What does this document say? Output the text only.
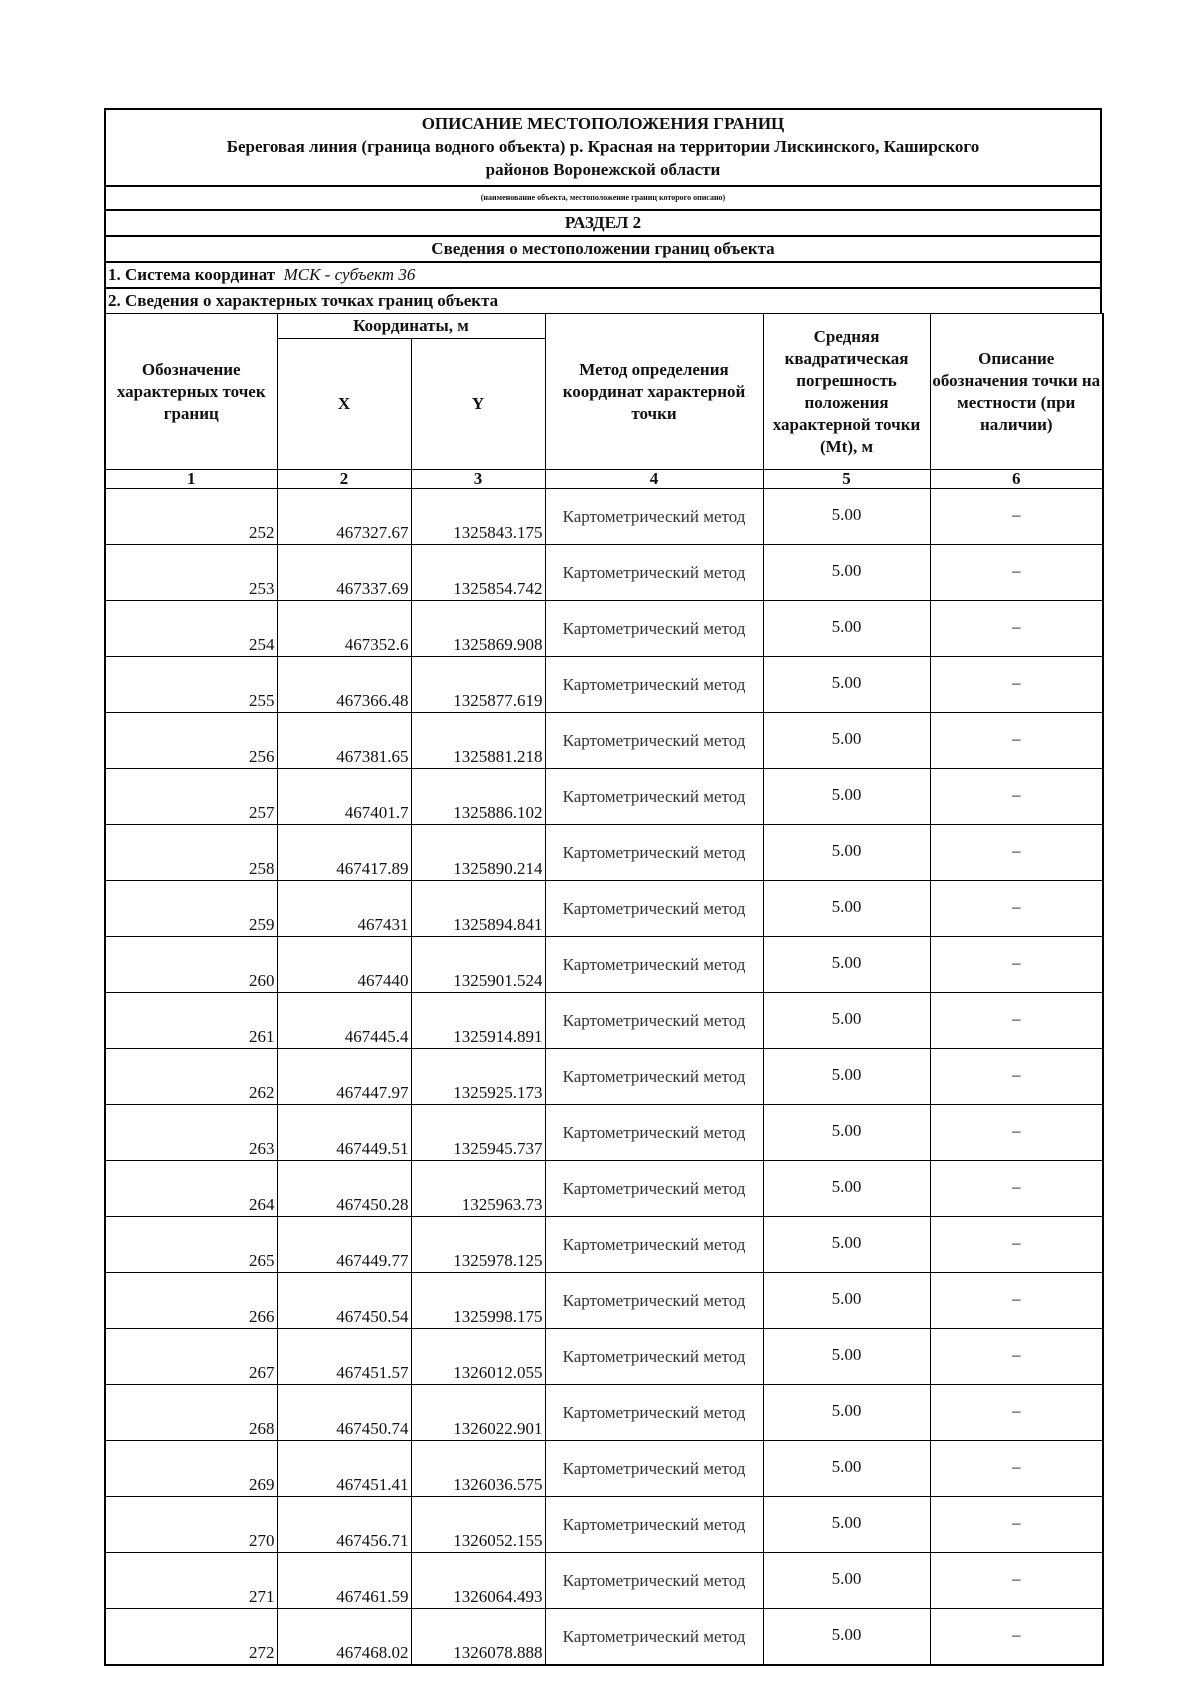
ОПИСАНИЕ МЕСТОПОЛОЖЕНИЯ ГРАНИЦ
Береговая линия (граница водного объекта) р. Красная на территории Лискинского, Каширского
районов Воронежской области
(наименование объекта, местоположение границ которого описано)
РАЗДЕЛ 2
Сведения о местоположении границ объекта
1. Система координат МСК - субъект 36
2. Сведения о характерных точках границ объекта
Обозначение характерных точек границ	Координаты, м		Метод определения координат характерной точки	Средняя квадратическая погрешность положения характерной точки (Mt), м	Описание обозначения точки на местности (при наличии)
	X	Y			
1	2	3	4	5	6
252	467327.67	1325843.175	Картометрический метод	5.00	–
253	467337.69	1325854.742	Картометрический метод	5.00	–
254	467352.6	1325869.908	Картометрический метод	5.00	–
255	467366.48	1325877.619	Картометрический метод	5.00	–
256	467381.65	1325881.218	Картометрический метод	5.00	–
257	467401.7	1325886.102	Картометрический метод	5.00	–
258	467417.89	1325890.214	Картометрический метод	5.00	–
259	467431	1325894.841	Картометрический метод	5.00	–
260	467440	1325901.524	Картометрический метод	5.00	–
261	467445.4	1325914.891	Картометрический метод	5.00	–
262	467447.97	1325925.173	Картометрический метод	5.00	–
263	467449.51	1325945.737	Картометрический метод	5.00	–
264	467450.28	1325963.73	Картометрический метод	5.00	–
265	467449.77	1325978.125	Картометрический метод	5.00	–
266	467450.54	1325998.175	Картометрический метод	5.00	–
267	467451.57	1326012.055	Картометрический метод	5.00	–
268	467450.74	1326022.901	Картометрический метод	5.00	–
269	467451.41	1326036.575	Картометрический метод	5.00	–
270	467456.71	1326052.155	Картометрический метод	5.00	–
271	467461.59	1326064.493	Картометрический метод	5.00	–
272	467468.02	1326078.888	Картометрический метод	5.00	–
